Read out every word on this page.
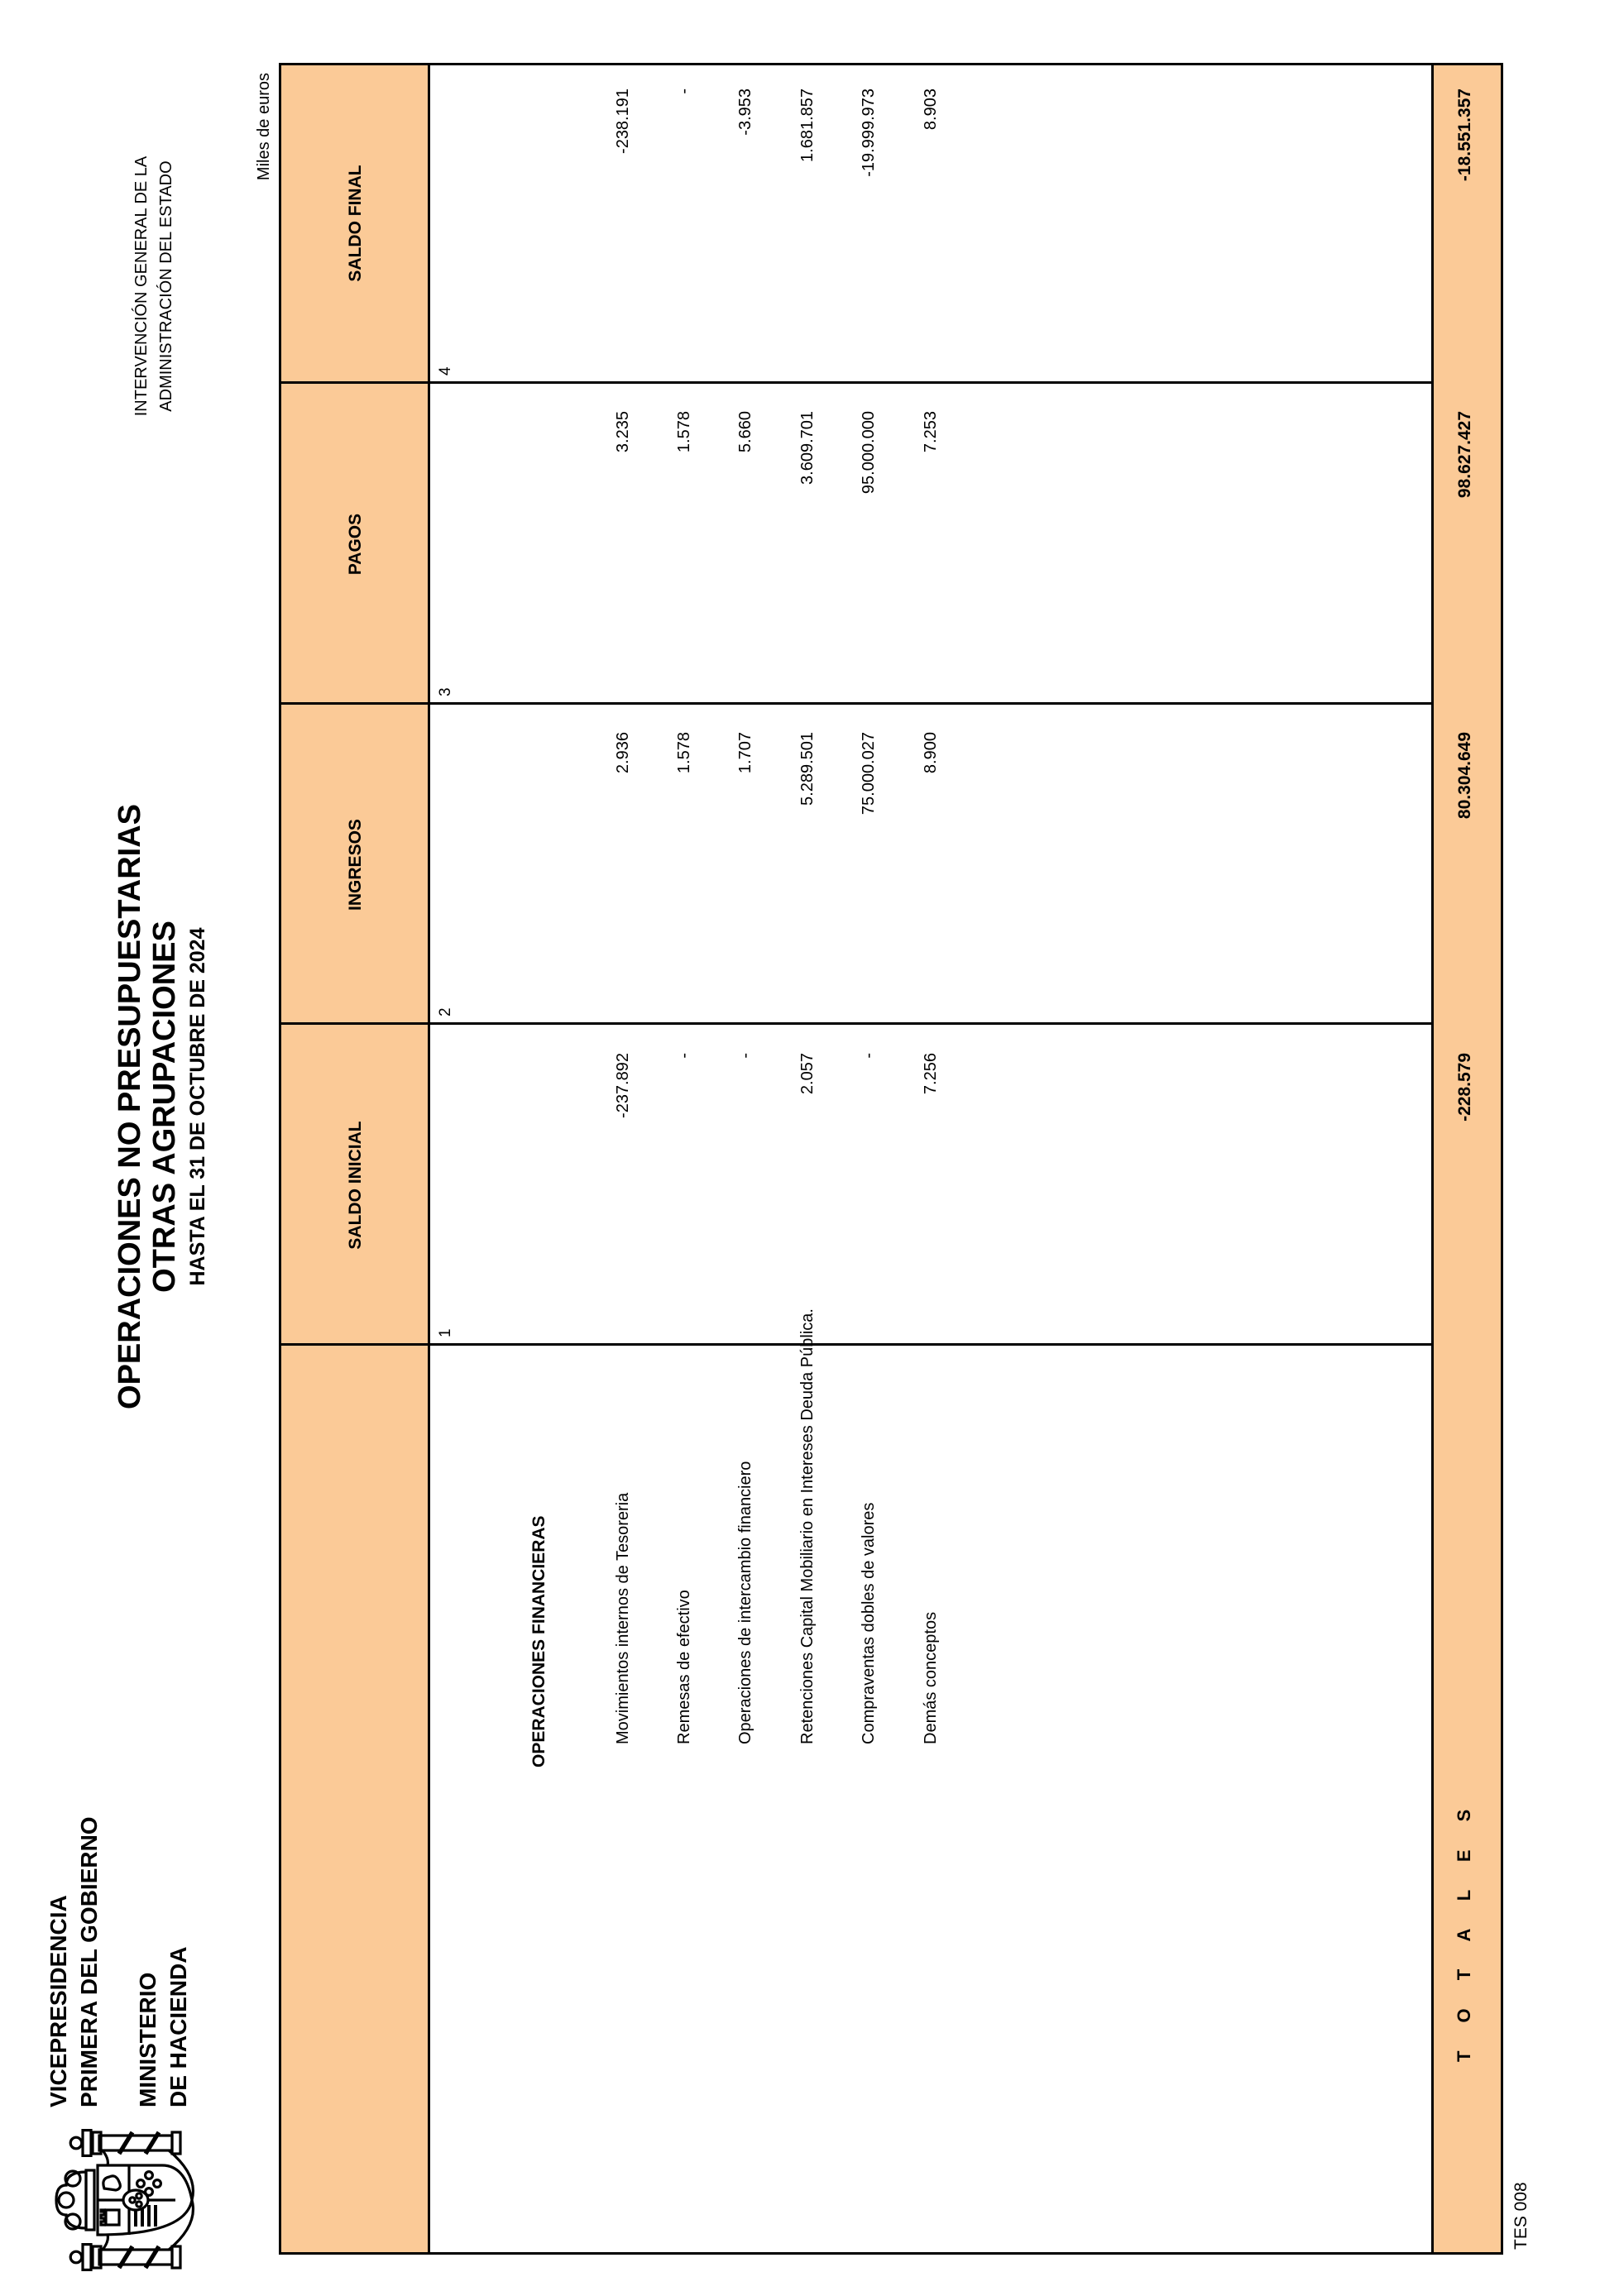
VICEPRESIDENCIA PRIMERA DEL GOBIERNO MINISTERIO DE HACIENDA
OPERACIONES NO PRESUPUESTARIAS OTRAS AGRUPACIONES HASTA EL 31 DE OCTUBRE DE 2024
INTERVENCIÓN GENERAL DE LA ADMINISTRACIÓN DEL ESTADO
Miles de euros
SALDO INICIAL
INGRESOS
PAGOS
SALDO FINAL
1
2
3
4
OPERACIONES FINANCIERAS	Movimientos internos de Tesoreria
-237.892
2.936
3.235
-238.191
Remesas de efectivo
-
1.578
1.578
-
Operaciones de intercambio financiero
-
1.707
5.660
-3.953
Retenciones Capital Mobiliario en Intereses Deuda Pública.
2.057
5.289.501
3.609.701
1.681.857
Compraventas dobles de valores
-
75.000.027
95.000.000
-19.999.973
Demás conceptos
7.256
8.900
7.253
8.903
T O T A L E S
-228.579
80.304.649
98.627.427
-18.551.357
TES 008
